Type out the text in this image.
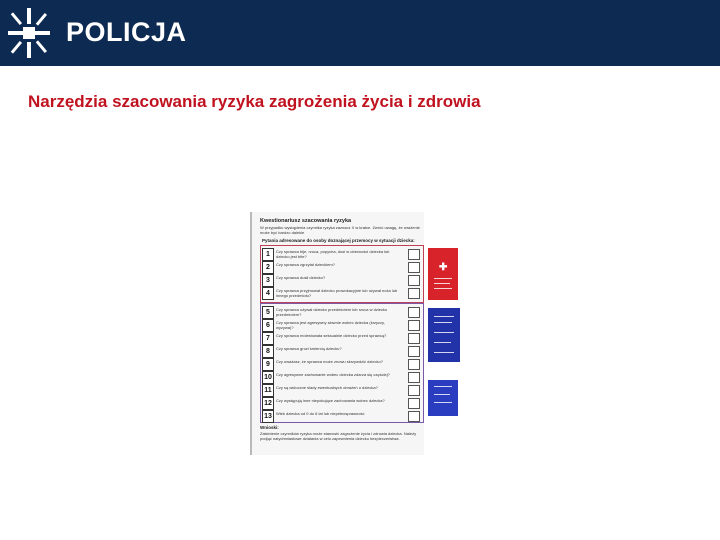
POLICJA
Narzędzia szacowania ryzyka zagrożenia życia i zdrowia
Kwestionariusz szacowania ryzyka
W przypadku wystąpienia czynnika ryzyka zaznacz X w kratce. Zwróć uwagę, że wrażenie może być bardzo dalekie
Pytania adresowane do osoby doznającej przemocy w sytuacji dziecka:
1	Czy sprawca bije, rzuca, popycha, dusi w obecności dziecka lub dziecko jest bite?
2	Czy sprawca zgrzytał dzieckiem?
3	Czy sprawca dusił dziecko?
4	Czy sprawca przyjmował dziecko prowokacyjnie lub używał noża lub innego przedmiotu?
5	Czy sprawca używał dziecko przedmiotem lub rzuca w dziecko przedmiotem?
6	Czy sprawca jest agresywny słownie wobec dziecka (krzyczy, wyzywa)?
7	Czy sprawca molestowała seksualnie dziecko przed sprawcą?
8	Czy sprawca grozi śmiercią dziecku?
9	Czy uważasz, że sprawca może znowu skrzywdzić dziecko?
10	Czy agresywne zachowanie wobec dziecka zdarza się częściej?
11	Czy są widoczne ślady ewentualnych obrażeń u dziecka?
12	Czy występują inne niepokojące zachowania wobec dziecka?
13	Wiek dziecka od 0 do 6 lat lub niepełnosprawność
Wnioski:
Zaistnienie czynników ryzyka może stanowić zagrożenie życia i zdrowia dziecka. Należy podjąć natychmiastowe działania w celu zapewnienia dziecku bezpieczeństwa.
✚
